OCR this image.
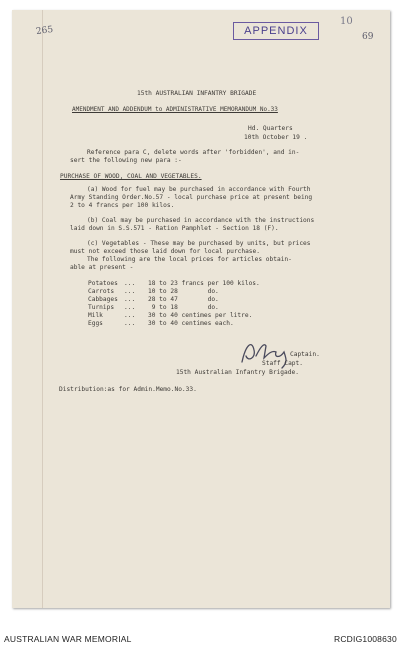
265	APPENDIX
10
69
15th AUSTRALIAN INFANTRY BRIGADE
AMENDMENT AND ADDENDUM to ADMINISTRATIVE MEMORANDUM No.33
Hd. Quarters
10th October 19 .
Reference para C, delete words after 'forbidden', and in-
sert the following new para :-
PURCHASE OF WOOD, COAL AND VEGETABLES.
(a) Wood for fuel may be purchased in accordance with Fourth
Army Standing Order.No.57 - local purchase price at present being
2 to 4 francs per 100 kilos.
(b) Coal may be purchased in accordance with the instructions
laid down in S.S.571 - Ration Pamphlet - Section 18 (F).
(c) Vegetables - These may be purchased by units, but prices
must not exceed those laid down for local purchase.
The following are the local prices for articles obtain-
able at present -
Potatoes ... 18 to 23 francs per 100 kilos.
Carrots ... 10 to 28        do.
Cabbages ... 28 to 47        do.
Turnips ... 9 to 18        do.
Milk	... 30 to 40 centimes per litre.
Eggs	... 30 to 40 centimes each.
Captain.
Staff Capt.
15th Australian Infantry Brigade.
Distribution:as for Admin.Memo.No.33.
AUSTRALIAN WAR MEMORIAL	RCDIG1008630
